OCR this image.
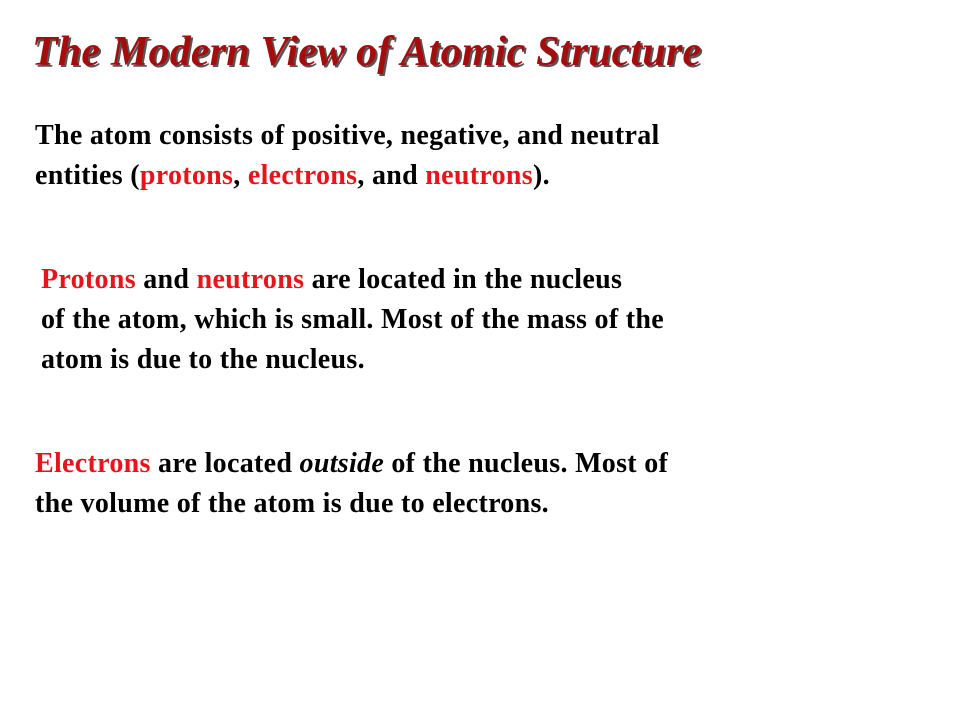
The Modern View of Atomic Structure

The atom consists of positive, negative, and neutral
entities (protons, electrons, and neutrons).

Protons and neutrons are located in the nucleus
of the atom, which is small. Most of the mass of the
atom is due to the nucleus.

Electrons are located outside of the nucleus. Most of
the volume of the atom is due to electrons.
